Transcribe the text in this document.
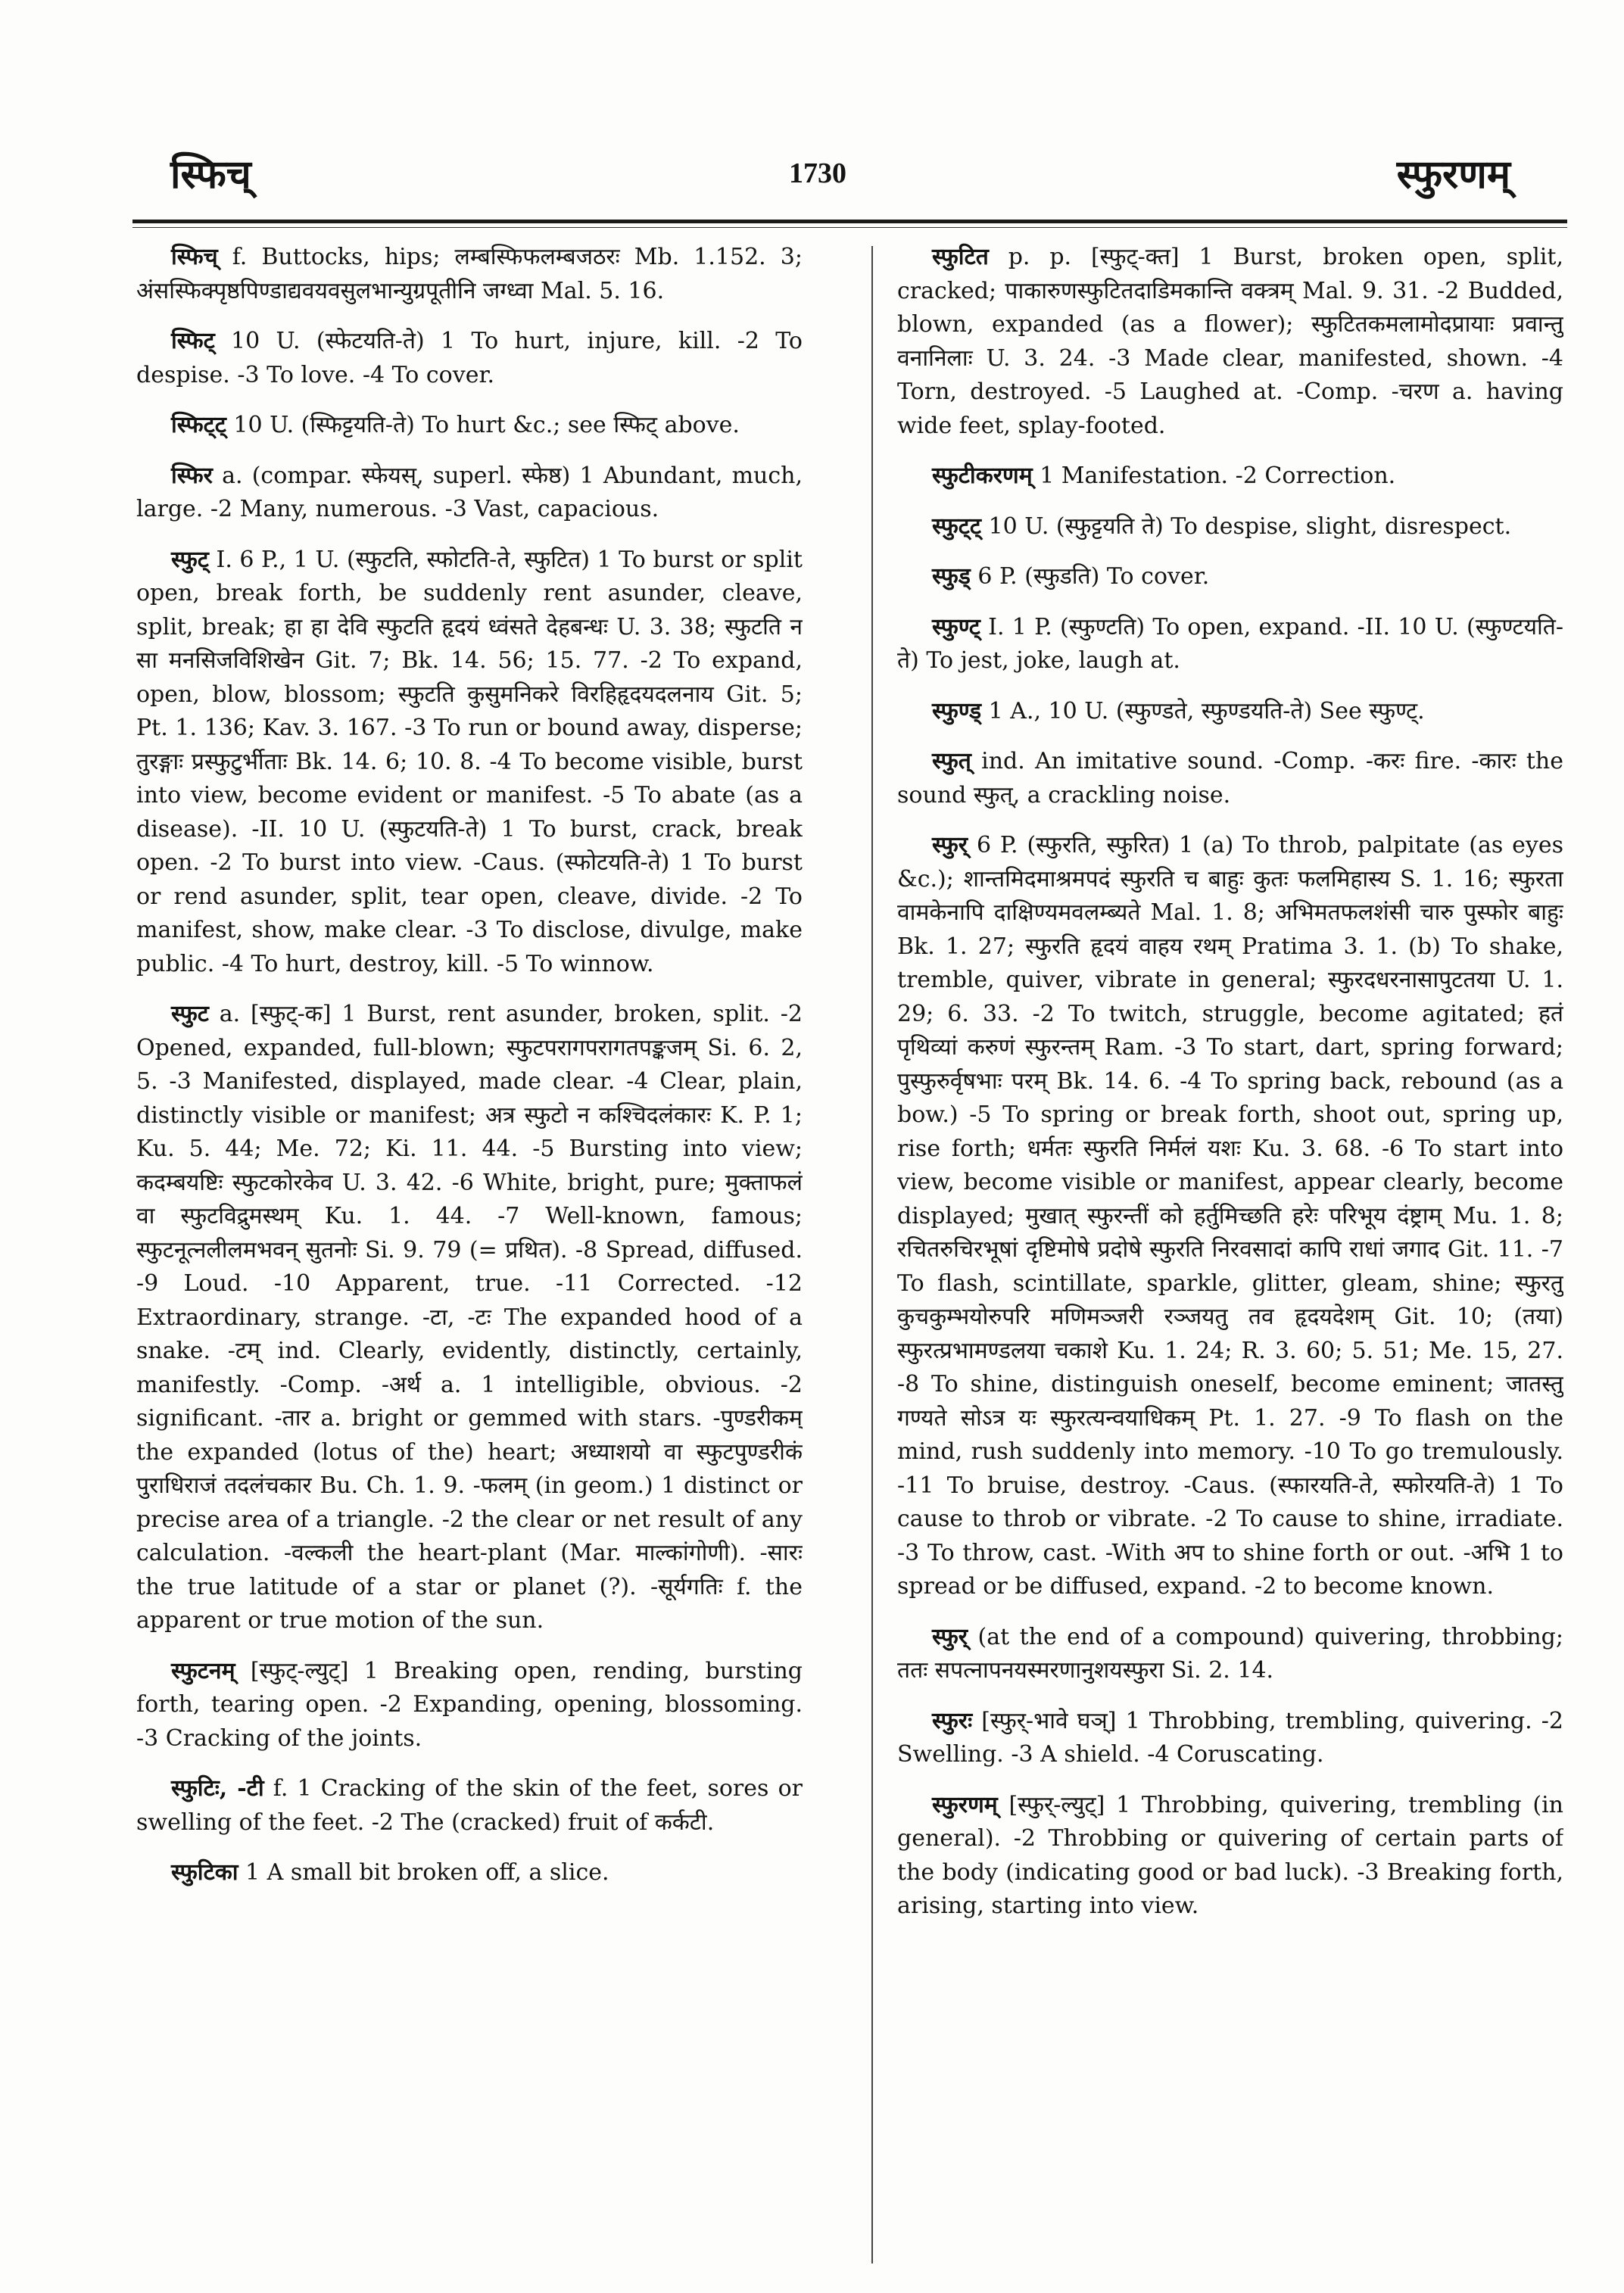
स्फिच्	1730	स्फुरणम्

स्फिच् f. Buttocks, hips; लम्बस्फिफलम्बजठरः Mb. 1.152. 3; अंसस्फिक्पृष्ठपिण्डाद्यवयवसुलभान्युग्रपूतीनि जग्ध्वा Mal. 5. 16.

स्फिट् 10 U. (स्फेटयति-ते) 1 To hurt, injure, kill. -2 To despise. -3 To love. -4 To cover.

स्फिट्ट् 10 U. (स्फिट्टयति-ते) To hurt &c.; see स्फिट् above.

स्फिर a. (compar. स्फेयस्, superl. स्फेष्ठ) 1 Abundant, much, large. -2 Many, numerous. -3 Vast, capacious.

स्फुट् I. 6 P., 1 U. (स्फुटति, स्फोटति-ते, स्फुटित) 1 To burst or split open, break forth, be suddenly rent asunder, cleave, split, break; हा हा देवि स्फुटति हृदयं ध्वंसते देहबन्धः U. 3. 38; स्फुटति न सा मनसिजविशिखेन Git. 7; Bk. 14. 56; 15. 77. -2 To expand, open, blow, blossom; स्फुटति कुसुमनिकरे विरहिहृदयदलनाय Git. 5; Pt. 1. 136; Kav. 3. 167. -3 To run or bound away, disperse; तुरङ्गाः प्रस्फुटुर्भीताः Bk. 14. 6; 10. 8. -4 To become visible, burst into view, become evident or manifest. -5 To abate (as a disease). -II. 10 U. (स्फुटयति-ते) 1 To burst, crack, break open. -2 To burst into view. -Caus. (स्फोटयति-ते) 1 To burst or rend asunder, split, tear open, cleave, divide. -2 To manifest, show, make clear. -3 To disclose, divulge, make public. -4 To hurt, destroy, kill. -5 To winnow.

स्फुट a. [स्फुट्-क] 1 Burst, rent asunder, broken, split. -2 Opened, expanded, full-blown; स्फुटपरागपरागतपङ्कजम् Si. 6. 2, 5. -3 Manifested, displayed, made clear. -4 Clear, plain, distinctly visible or manifest; अत्र स्फुटो न कश्चिदलंकारः K. P. 1; Ku. 5. 44; Me. 72; Ki. 11. 44. -5 Bursting into view; कदम्बयष्टिः स्फुटकोरकेव U. 3. 42. -6 White, bright, pure; मुक्ताफलं वा स्फुटविद्रुमस्थम् Ku. 1. 44. -7 Well-known, famous; स्फुटनूत्नलीलमभवन् सुतनोः Si. 9. 79 (= प्रथित). -8 Spread, diffused. -9 Loud. -10 Apparent, true. -11 Corrected. -12 Extraordinary, strange. -टा, -टः The expanded hood of a snake. -टम् ind. Clearly, evidently, distinctly, certainly, manifestly. -Comp. -अर्थ a. 1 intelligible, obvious. -2 significant. -तार a. bright or gemmed with stars. -पुण्डरीकम् the expanded (lotus of the) heart; अध्याशयो वा स्फुटपुण्डरीकं पुराधिराजं तदलंचकार Bu. Ch. 1. 9. -फलम् (in geom.) 1 distinct or precise area of a triangle. -2 the clear or net result of any calculation. -वल्कली the heart-plant (Mar. माल्कांगोणी). -सारः the true latitude of a star or planet (?). -सूर्यगतिः f. the apparent or true motion of the sun.

स्फुटनम् [स्फुट्-ल्युट्] 1 Breaking open, rending, bursting forth, tearing open. -2 Expanding, opening, blossoming. -3 Cracking of the joints.

स्फुटिः, -टी f. 1 Cracking of the skin of the feet, sores or swelling of the feet. -2 The (cracked) fruit of कर्कटी.

स्फुटिका 1 A small bit broken off, a slice.

स्फुटित p. p. [स्फुट्-क्त] 1 Burst, broken open, split, cracked; पाकारुणस्फुटितदाडिमकान्ति वक्त्रम् Mal. 9. 31. -2 Budded, blown, expanded (as a flower); स्फुटितकमलामोदप्रायाः प्रवान्तु वनानिलाः U. 3. 24. -3 Made clear, manifested, shown. -4 Torn, destroyed. -5 Laughed at. -Comp. -चरण a. having wide feet, splay-footed.

स्फुटीकरणम् 1 Manifestation. -2 Correction.

स्फुट्ट् 10 U. (स्फुट्टयति ते) To despise, slight, disrespect.

स्फुड् 6 P. (स्फुडति) To cover.

स्फुण्ट् I. 1 P. (स्फुण्टति) To open, expand. -II. 10 U. (स्फुण्टयति-ते) To jest, joke, laugh at.

स्फुण्ड् 1 A., 10 U. (स्फुण्डते, स्फुण्डयति-ते) See स्फुण्ट्.

स्फुत् ind. An imitative sound. -Comp. -करः fire. -कारः the sound स्फुत्, a crackling noise.

स्फुर् 6 P. (स्फुरति, स्फुरित) 1 (a) To throb, palpitate (as eyes &c.); शान्तमिदमाश्रमपदं स्फुरति च बाहुः कुतः फलमिहास्य S. 1. 16; स्फुरता वामकेनापि दाक्षिण्यमवलम्ब्यते Mal. 1. 8; अभिमतफलशंसी चारु पुस्फोर बाहुः Bk. 1. 27; स्फुरति हृदयं वाहय रथम् Pratima 3. 1. (b) To shake, tremble, quiver, vibrate in general; स्फुरदधरनासापुटतया U. 1. 29; 6. 33. -2 To twitch, struggle, become agitated; हतं पृथिव्यां करुणं स्फुरन्तम् Ram. -3 To start, dart, spring forward; पुस्फुरुर्वृषभाः परम् Bk. 14. 6. -4 To spring back, rebound (as a bow.) -5 To spring or break forth, shoot out, spring up, rise forth; धर्मतः स्फुरति निर्मलं यशः Ku. 3. 68. -6 To start into view, become visible or manifest, appear clearly, become displayed; मुखात् स्फुरन्तीं को हर्तुमिच्छति हरेः परिभूय दंष्ट्राम् Mu. 1. 8; रचितरुचिरभूषां दृष्टिमोषे प्रदोषे स्फुरति निरवसादां कापि राधां जगाद Git. 11. -7 To flash, scintillate, sparkle, glitter, gleam, shine; स्फुरतु कुचकुम्भयोरुपरि मणिमञ्जरी रञ्जयतु तव हृदयदेशम् Git. 10; (तया) स्फुरत्प्रभामण्डलया चकाशे Ku. 1. 24; R. 3. 60; 5. 51; Me. 15, 27. -8 To shine, distinguish oneself, become eminent; जातस्तु गण्यते सोऽत्र यः स्फुरत्यन्वयाधिकम् Pt. 1. 27. -9 To flash on the mind, rush suddenly into memory. -10 To go tremulously. -11 To bruise, destroy. -Caus. (स्फारयति-ते, स्फोरयति-ते) 1 To cause to throb or vibrate. -2 To cause to shine, irradiate. -3 To throw, cast. -With अप to shine forth or out. -अभि 1 to spread or be diffused, expand. -2 to become known.

स्फुर् (at the end of a compound) quivering, throbbing; ततः सपत्नापनयस्मरणानुशयस्फुरा Si. 2. 14.

स्फुरः [स्फुर्-भावे घञ्] 1 Throbbing, trembling, quivering. -2 Swelling. -3 A shield. -4 Coruscating.

स्फुरणम् [स्फुर्-ल्युट्] 1 Throbbing, quivering, trembling (in general). -2 Throbbing or quivering of certain parts of the body (indicating good or bad luck). -3 Breaking forth, arising, starting into view.
